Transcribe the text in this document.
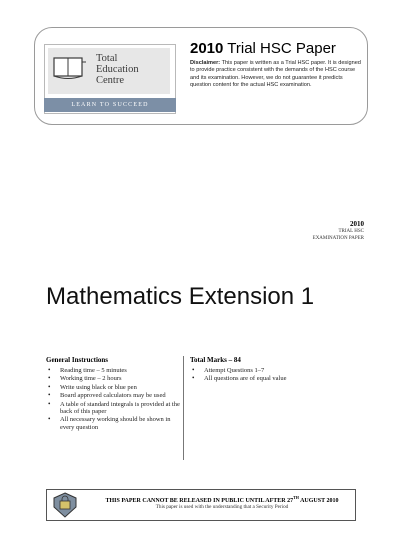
2010 Trial HSC Paper
Disclaimer: This paper is written as a Trial HSC paper. It is designed to provide practice consistent with the demands of the HSC course and its examination. However, we do not guarantee it predicts question content for the actual HSC examination.
Total
Education
Centre
LEARN TO SUCCEED
2010
TRIAL HSC
EXAMINATION PAPER
Mathematics Extension 1
General Instructions
• Reading time – 5 minutes
• Working time – 2 hours
• Write using black or blue pen
• Board approved calculators may be used
• A table of standard integrals is provided at the back of this paper
• All necessary working should be shown in every question
Total Marks – 84
• Attempt Questions 1–7
• All questions are of equal value
THIS PAPER CANNOT BE RELEASED IN PUBLIC UNTIL AFTER 27TH AUGUST 2010
This paper is used with the understanding that a Security Period
